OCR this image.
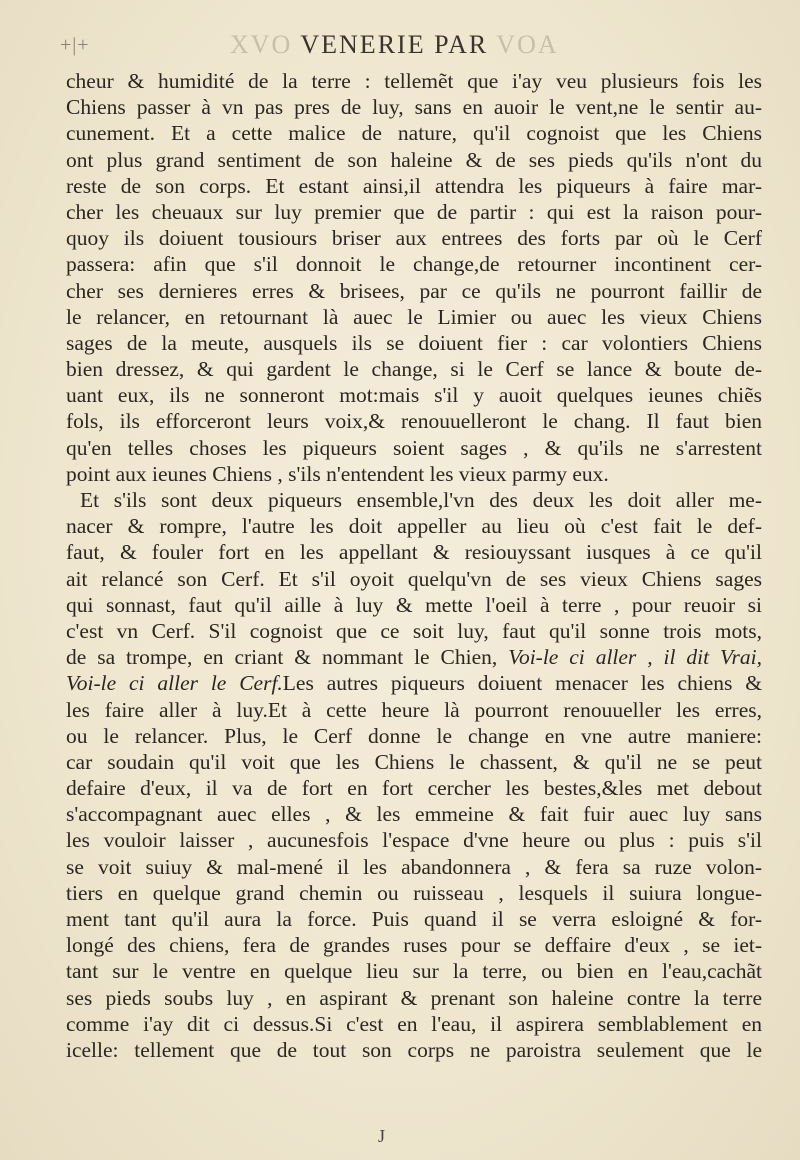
+|+	XVO VENERIE PAR VOA
cheur & humidité de la terre : tellemẽt que i'ay veu plusieurs fois les
Chiens passer à vn pas pres de luy, sans en auoir le vent,ne le sentir au-
cunement. Et a cette malice de nature, qu'il cognoist que les Chiens
ont plus grand sentiment de son haleine & de ses pieds qu'ils n'ont du
reste de son corps. Et estant ainsi,il attendra les piqueurs à faire mar-
cher les cheuaux sur luy premier que de partir : qui est la raison pour-
quoy ils doiuent tousiours briser aux entrees des forts par où le Cerf
passera: afin que s'il donnoit le change,de retourner incontinent cer-
cher ses dernieres erres & brisees, par ce qu'ils ne pourront faillir de
le relancer, en retournant là auec le Limier ou auec les vieux Chiens
sages de la meute, ausquels ils se doiuent fier : car volontiers Chiens
bien dressez, & qui gardent le change, si le Cerf se lance & boute de-
uant eux, ils ne sonneront mot:mais s'il y auoit quelques ieunes chiẽs
fols, ils efforceront leurs voix,& renouuelleront le chang. Il faut bien
qu'en telles choses les piqueurs soient sages , & qu'ils ne s'arrestent
point aux ieunes Chiens , s'ils n'entendent les vieux parmy eux.
Et s'ils sont deux piqueurs ensemble,l'vn des deux les doit aller me-
nacer & rompre, l'autre les doit appeller au lieu où c'est fait le def-
faut, & fouler fort en les appellant & resiouyssant iusques à ce qu'il
ait relancé son Cerf. Et s'il oyoit quelqu'vn de ses vieux Chiens sages
qui sonnast, faut qu'il aille à luy & mette l'oeil à terre , pour reuoir si
c'est vn Cerf. S'il cognoist que ce soit luy, faut qu'il sonne trois mots,
de sa trompe, en criant & nommant le Chien, Voi-le ci aller , il dit Vrai,
Voi-le ci aller le Cerf.Les autres piqueurs doiuent menacer les chiens &
les faire aller à luy.Et à cette heure là pourront renouueller les erres,
ou le relancer. Plus, le Cerf donne le change en vne autre maniere:
car soudain qu'il voit que les Chiens le chassent, & qu'il ne se peut
defaire d'eux, il va de fort en fort cercher les bestes,&les met debout
s'accompagnant auec elles , & les emmeine & fait fuir auec luy sans
les vouloir laisser , aucunesfois l'espace d'vne heure ou plus : puis s'il
se voit suiuy & mal-mené il les abandonnera , & fera sa ruze volon-
tiers en quelque grand chemin ou ruisseau , lesquels il suiura longue-
ment tant qu'il aura la force. Puis quand il se verra esloigné & for-
longé des chiens, fera de grandes ruses pour se deffaire d'eux , se iet-
tant sur le ventre en quelque lieu sur la terre, ou bien en l'eau,cachãt
ses pieds soubs luy , en aspirant & prenant son haleine contre la terre
comme i'ay dit ci dessus.Si c'est en l'eau, il aspirera semblablement en
icelle: tellement que de tout son corps ne paroistra seulement que le
J
